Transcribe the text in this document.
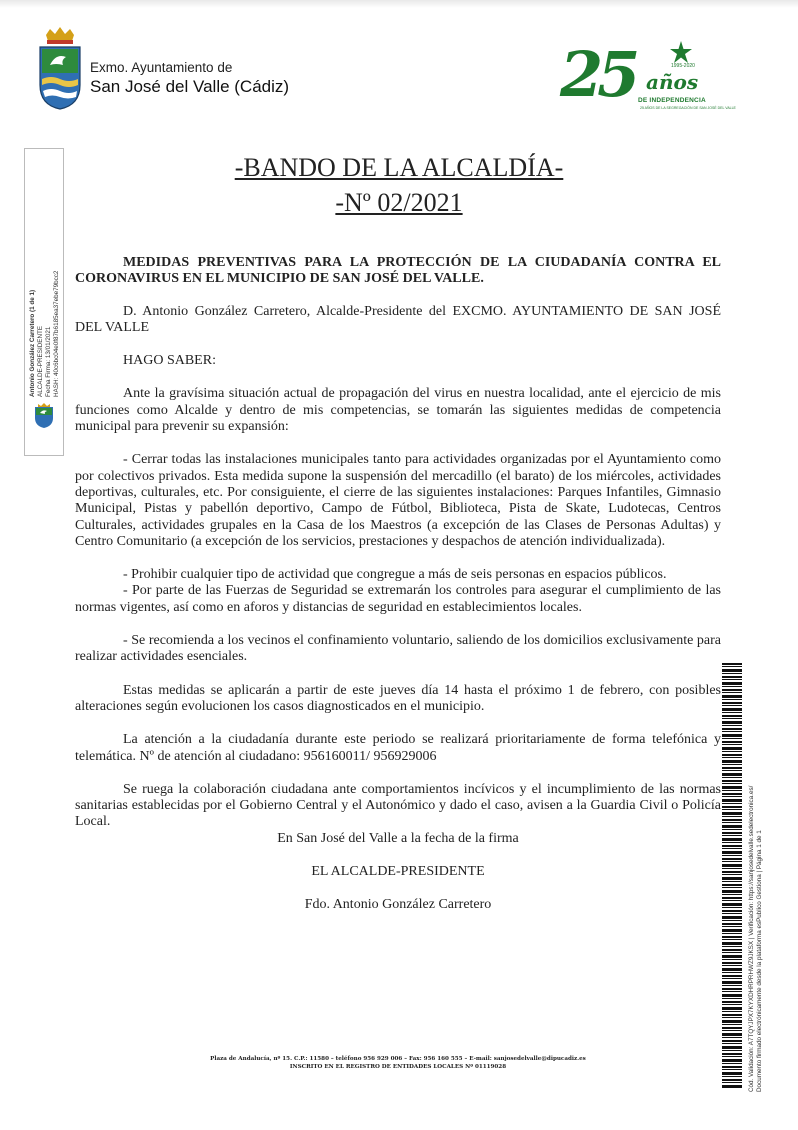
Exmo. Ayuntamiento de
San José del Valle (Cádiz)	25	1995-2020
años
DE INDEPENDENCIA
25 AÑOS DE LA SEGREGACIÓN DE SAN JOSÉ DEL VALLE
Antonio González Carretero (1 de 1) ALCALDE-PRESIDENTE Fecha Firma: 13/01/2021 HASH: 40c6bc04e0f87b6185ea37ebe79bcc2
-BANDO DE LA ALCALDÍA-
-Nº 02/2021

MEDIDAS PREVENTIVAS PARA LA PROTECCIÓN DE LA CIUDADANÍA CONTRA EL CORONAVIRUS EN EL MUNICIPIO DE SAN JOSÉ DEL VALLE.

D. Antonio González Carretero, Alcalde-Presidente del EXCMO. AYUNTAMIENTO DE SAN JOSÉ DEL VALLE

HAGO SABER:

Ante la gravísima situación actual de propagación del virus en nuestra localidad, ante el ejercicio de mis funciones como Alcalde y dentro de mis competencias, se tomarán las siguientes medidas de competencia municipal para prevenir su expansión:

- Cerrar todas las instalaciones municipales tanto para actividades organizadas por el Ayuntamiento como por colectivos privados. Esta medida supone la suspensión del mercadillo (el barato) de los miércoles, actividades deportivas, culturales, etc. Por consiguiente, el cierre de las siguientes instalaciones: Parques Infantiles, Gimnasio Municipal, Pistas y pabellón deportivo, Campo de Fútbol, Biblioteca, Pista de Skate, Ludotecas, Centros Culturales, actividades grupales en la Casa de los Maestros (a excepción de las Clases de Personas Adultas) y Centro Comunitario (a excepción de los servicios, prestaciones y despachos de atención individualizada).

- Prohibir cualquier tipo de actividad que congregue a más de seis personas en espacios públicos.

- Por parte de las Fuerzas de Seguridad se extremarán los controles para asegurar el cumplimiento de las normas vigentes, así como en aforos y distancias de seguridad en establecimientos locales.

- Se recomienda a los vecinos el confinamiento voluntario, saliendo de los domicilios exclusivamente para realizar actividades esenciales.

Estas medidas se aplicarán a partir de este jueves día 14 hasta el próximo 1 de febrero, con posibles alteraciones según evolucionen los casos diagnosticados en el municipio.

La atención a la ciudadanía durante este periodo se realizará prioritariamente de forma telefónica y telemática. Nº de atención al ciudadano: 956160011/ 956929006

Se ruega la colaboración ciudadana ante comportamientos incívicos y el incumplimiento de las normas sanitarias establecidas por el Gobierno Central y el Autonómico y dado el caso, avisen a la Guardia Civil o Policía Local.

En San José del Valle a la fecha de la firma

EL ALCALDE-PRESIDENTE

Fdo. Antonio González Carretero

Plaza de Andalucía, nº 15. C.P.: 11580 – teléfono 956 929 006 – Fax: 956 160 555 – E-mail: sanjosedelvalle@dipucadiz.es
INSCRITO EN EL REGISTRO DE ENTIDADES LOCALES Nº 01119028	Cód. Validación: A7TQYJPX7KYXDHRPRHWZ9JKSX | Verificación: https://sanjosedelvalle.sedelectronica.es/ Documento firmado electrónicamente desde la plataforma esPublico Gestiona | Página 1 de 1
